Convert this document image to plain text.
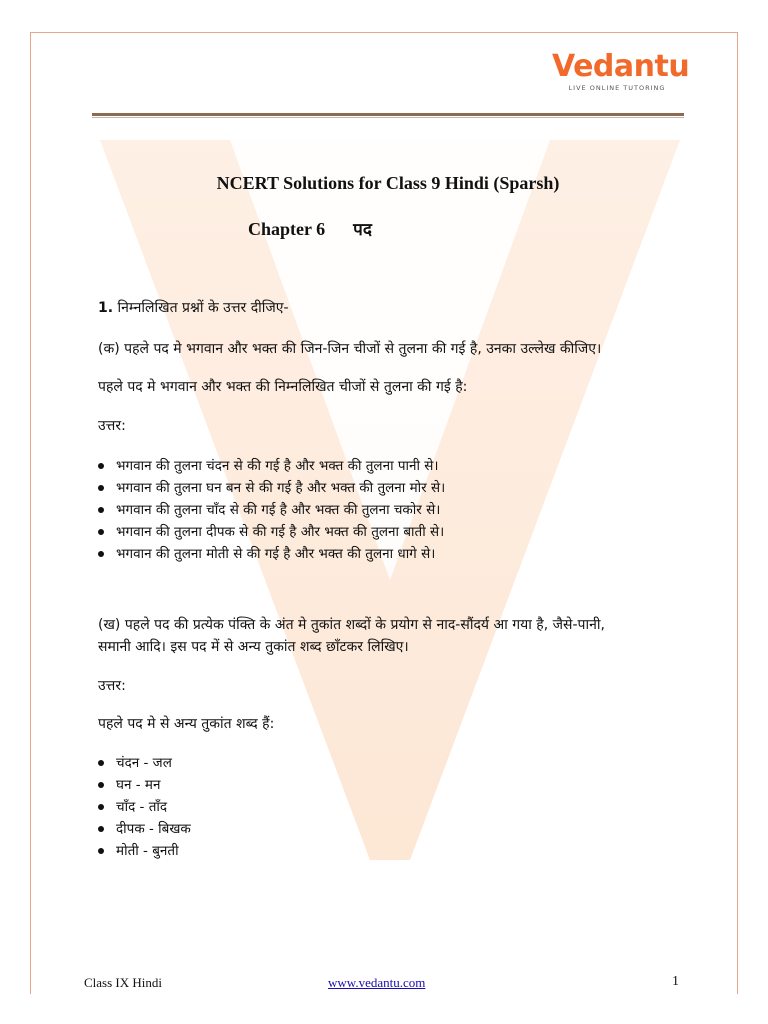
Vedantu
LIVE ONLINE TUTORING
NCERT Solutions for Class 9 Hindi (Sparsh)
Chapter 6 पद
1. निम्नलिखित प्रश्नों के उत्तर दीजिए-
(क) पहले पद मे भगवान और भक्त की जिन-जिन चीजों से तुलना की गई है, उनका उल्लेख कीजिए।
पहले पद मे भगवान और भक्त की निम्नलिखित चीजों से तुलना की गई है:
उत्तर:
भगवान की तुलना चंदन से की गई है और भक्त की तुलना पानी से।
भगवान की तुलना घन बन से की गई है और भक्त की तुलना मोर से।
भगवान की तुलना चाँद से की गई है और भक्त की तुलना चकोर से।
भगवान की तुलना दीपक से की गई है और भक्त की तुलना बाती से।
भगवान की तुलना मोती से की गई है और भक्त की तुलना धागे से।
(ख) पहले पद की प्रत्येक पंक्ति के अंत मे तुकांत शब्दों के प्रयोग से नाद-सौंदर्य आ गया है, जैसे-पानी,
समानी आदि। इस पद में से अन्य तुकांत शब्द छाँटकर लिखिए।
उत्तर:
पहले पद मे से अन्य तुकांत शब्द हैं:
चंदन - जल
घन - मन
चाँद - ताँद
दीपक - बिखक
मोती - बुनती
Class IX Hindi	www.vedantu.com	1
